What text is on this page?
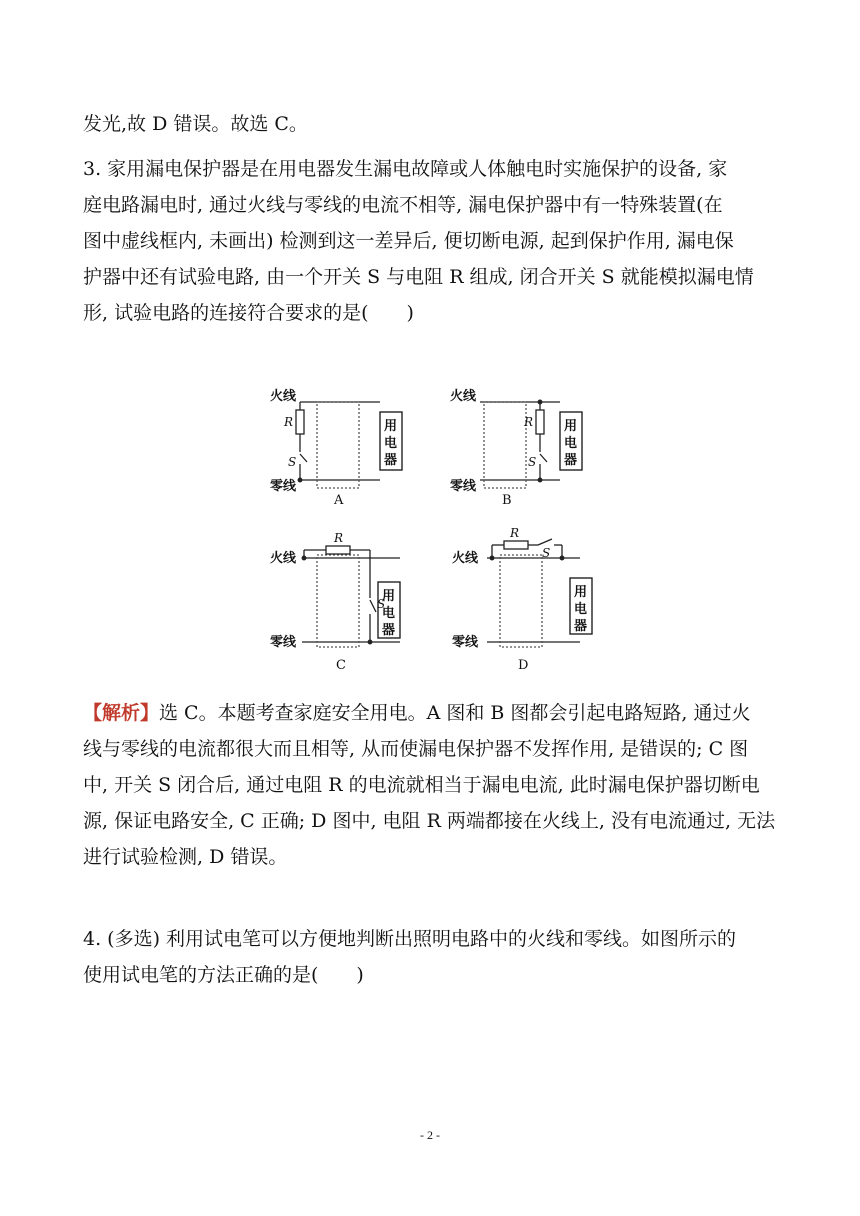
发光,故 D 错误。故选 C。
3. 家用漏电保护器是在用电器发生漏电故障或人体触电时实施保护的设备, 家
庭电路漏电时, 通过火线与零线的电流不相等, 漏电保护器中有一特殊装置(在
图中虚线框内, 未画出) 检测到这一差异后, 便切断电源, 起到保护作用, 漏电保
护器中还有试验电路, 由一个开关 S 与电阻 R 组成, 闭合开关 S 就能模拟漏电情
形, 试验电路的连接符合要求的是(　　)
火线
零线
R
S
用
电
器
A
火线
零线
R
S
用
电
器
B
火线
零线
R
S
用
电
器
C
火线
零线
R
S
用
电
器
D
【解析】选 C。本题考查家庭安全用电。A 图和 B 图都会引起电路短路, 通过火
线与零线的电流都很大而且相等, 从而使漏电保护器不发挥作用, 是错误的; C 图
中, 开关 S 闭合后, 通过电阻 R 的电流就相当于漏电电流, 此时漏电保护器切断电
源, 保证电路安全, C 正确; D 图中, 电阻 R 两端都接在火线上, 没有电流通过, 无法
进行试验检测, D 错误。
4. (多选) 利用试电笔可以方便地判断出照明电路中的火线和零线。如图所示的
使用试电笔的方法正确的是(　　)
- 2 -
